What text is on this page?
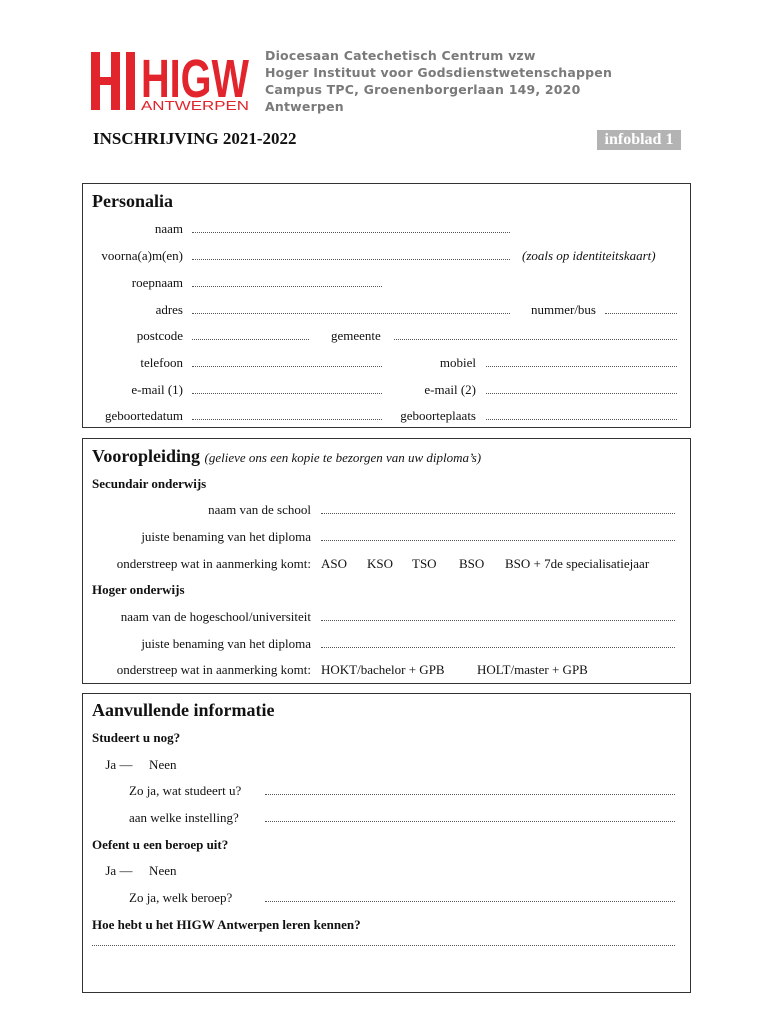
HIGW
ANTWERPEN
Diocesaan Catechetisch Centrum vzw
Hoger Instituut voor Godsdienstwetenschappen
Campus TPC, Groenenborgerlaan 149, 2020
Antwerpen
INSCHRIJVING 2021-2022	infoblad 1
Personalia
naam
voorna(a)m(en)	(zoals op identiteitskaart)
roepnaam
adres	nummer/bus
postcode	gemeente
telefoon	mobiel
e-mail (1)	e-mail (2)
geboortedatum	geboorteplaats
Vooropleiding (gelieve ons een kopie te bezorgen van uw diploma’s)
Secundair onderwijs
naam van de school
juiste benaming van het diploma
onderstreep wat in aanmerking komt: ASO KSO TSO BSO BSO + 7de specialisatiejaar
Hoger onderwijs
naam van de hogeschool/universiteit
juiste benaming van het diploma
onderstreep wat in aanmerking komt: HOKT/bachelor + GPB HOLT/master + GPB
Aanvullende informatie
Studeert u nog?
Ja — Neen
Zo ja, wat studeert u?
aan welke instelling?
Oefent u een beroep uit?
Ja — Neen
Zo ja, welk beroep?
Hoe hebt u het HIGW Antwerpen leren kennen?
